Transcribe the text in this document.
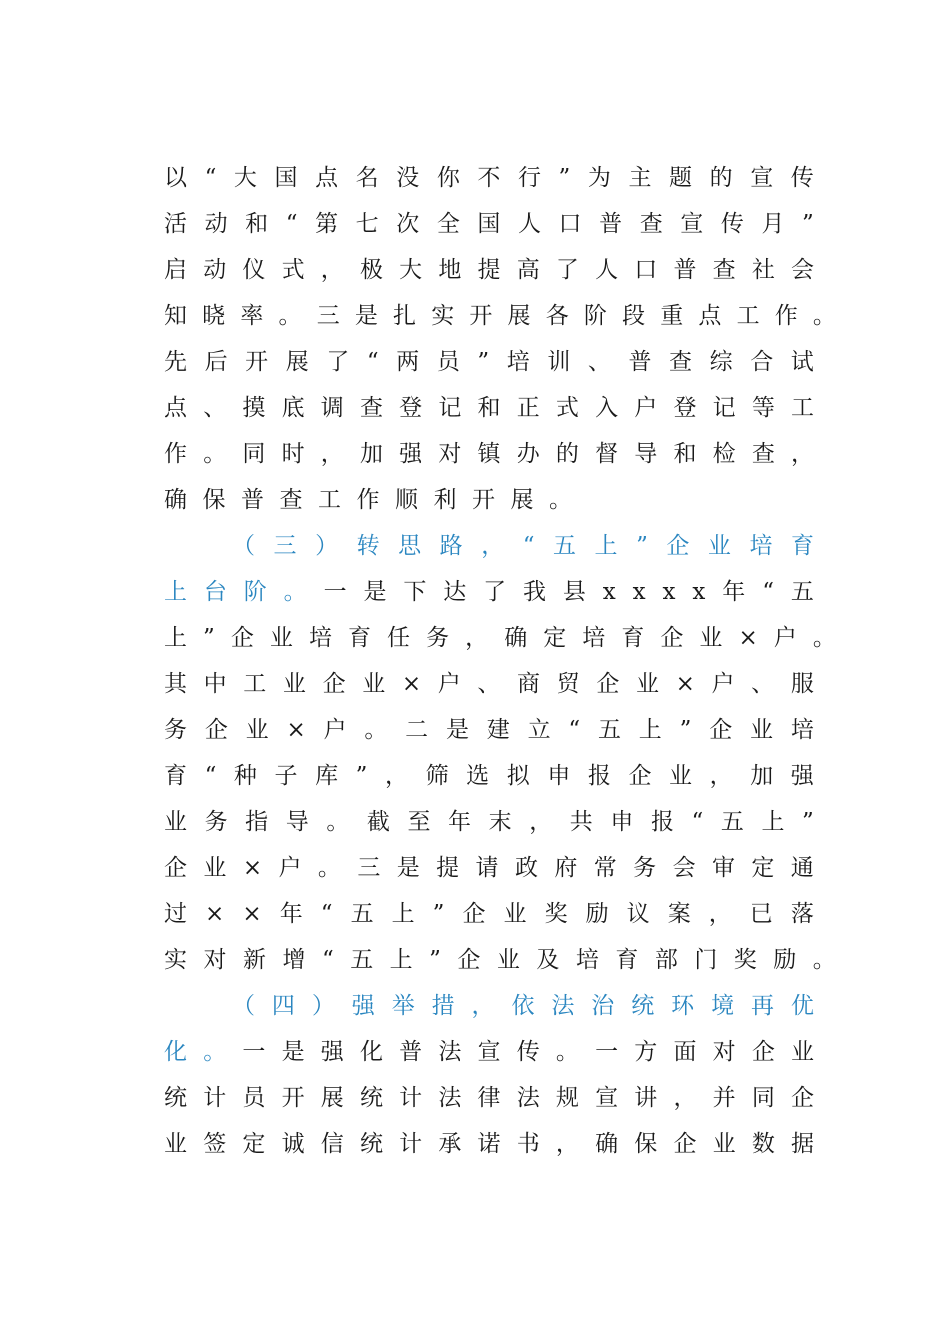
以 “ 大 国 点 名 没 你 不 行 ” 为 主 题 的 宣 传
活 动 和 “ 第 七 次 全 国 人 口 普 查 宣 传 月 ”
启 动 仪 式 ， 极 大 地 提 高 了 人 口 普 查 社 会
知 晓 率 。 三 是 扎 实 开 展 各 阶 段 重 点 工 作 。
先 后 开 展 了 “ 两 员 ” 培 训 、 普 查 综 合 试
点 、 摸 底 调 查 登 记 和 正 式 入 户 登 记 等 工
作 。 同 时 ， 加 强 对 镇 办 的 督 导 和 检 查 ，
确保普查工作顺利开展。
（ 三 ） 转 思 路 ， “ 五 上 ” 企 业 培 育
上 台 阶 。 一 是 下 达 了 我 县 x x x x 年 “ 五
上 ” 企 业 培 育 任 务 ， 确 定 培 育 企 业 × 户 。
其 中 工 业 企 业 × 户 、 商 贸 企 业 × 户 、 服
务 企 业 × 户 。 二 是 建 立 “ 五 上 ” 企 业 培
育 “ 种 子 库 ” ， 筛 选 拟 申 报 企 业 ， 加 强
业 务 指 导 。 截 至 年 末 ， 共 申 报 “ 五 上 ”
企 业 × 户 。 三 是 提 请 政 府 常 务 会 审 定 通
过 × × 年 “ 五 上 ” 企 业 奖 励 议 案 ， 已 落
实 对 新 增 “ 五 上 ” 企 业 及 培 育 部 门 奖 励 。
（ 四 ） 强 举 措 ， 依 法 治 统 环 境 再 优
化 。 一 是 强 化 普 法 宣 传 。 一 方 面 对 企 业
统 计 员 开 展 统 计 法 律 法 规 宣 讲 ， 并 同 企
业 签 定 诚 信 统 计 承 诺 书 ， 确 保 企 业 数 据
